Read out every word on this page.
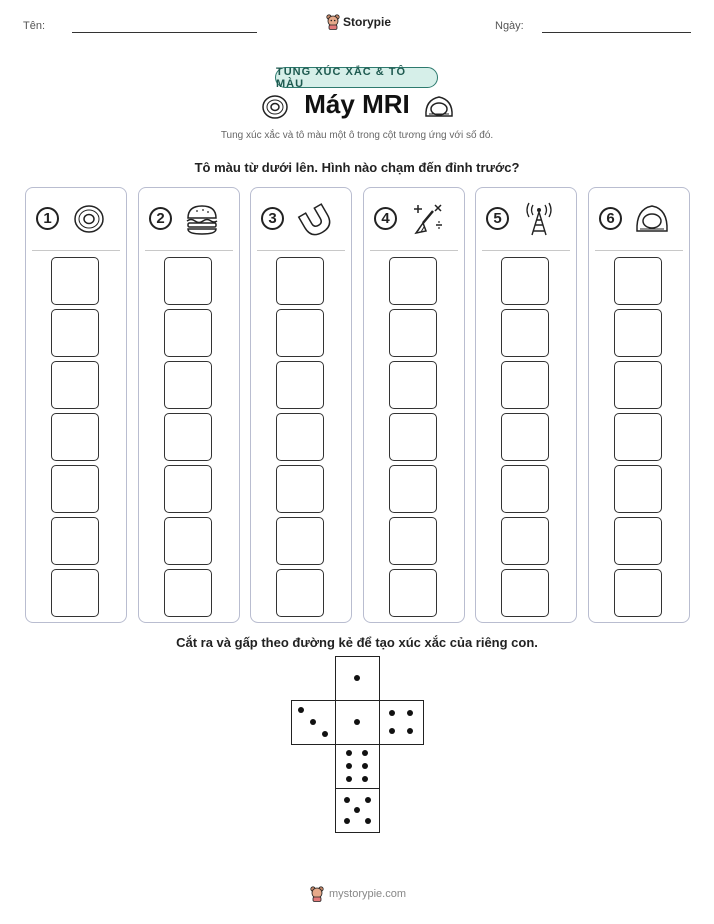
Tên:	Storypie	Ngày:
TUNG XÚC XẮC & TÔ MÀU
Máy MRI
Tung xúc xắc và tô màu một ô trong cột tương ứng với số đó.
Tô màu từ dưới lên. Hình nào chạm đến đỉnh trước?
1	2	3	4	5	6
Cắt ra và gấp theo đường kẻ để tạo xúc xắc của riêng con.
mystorypie.com
